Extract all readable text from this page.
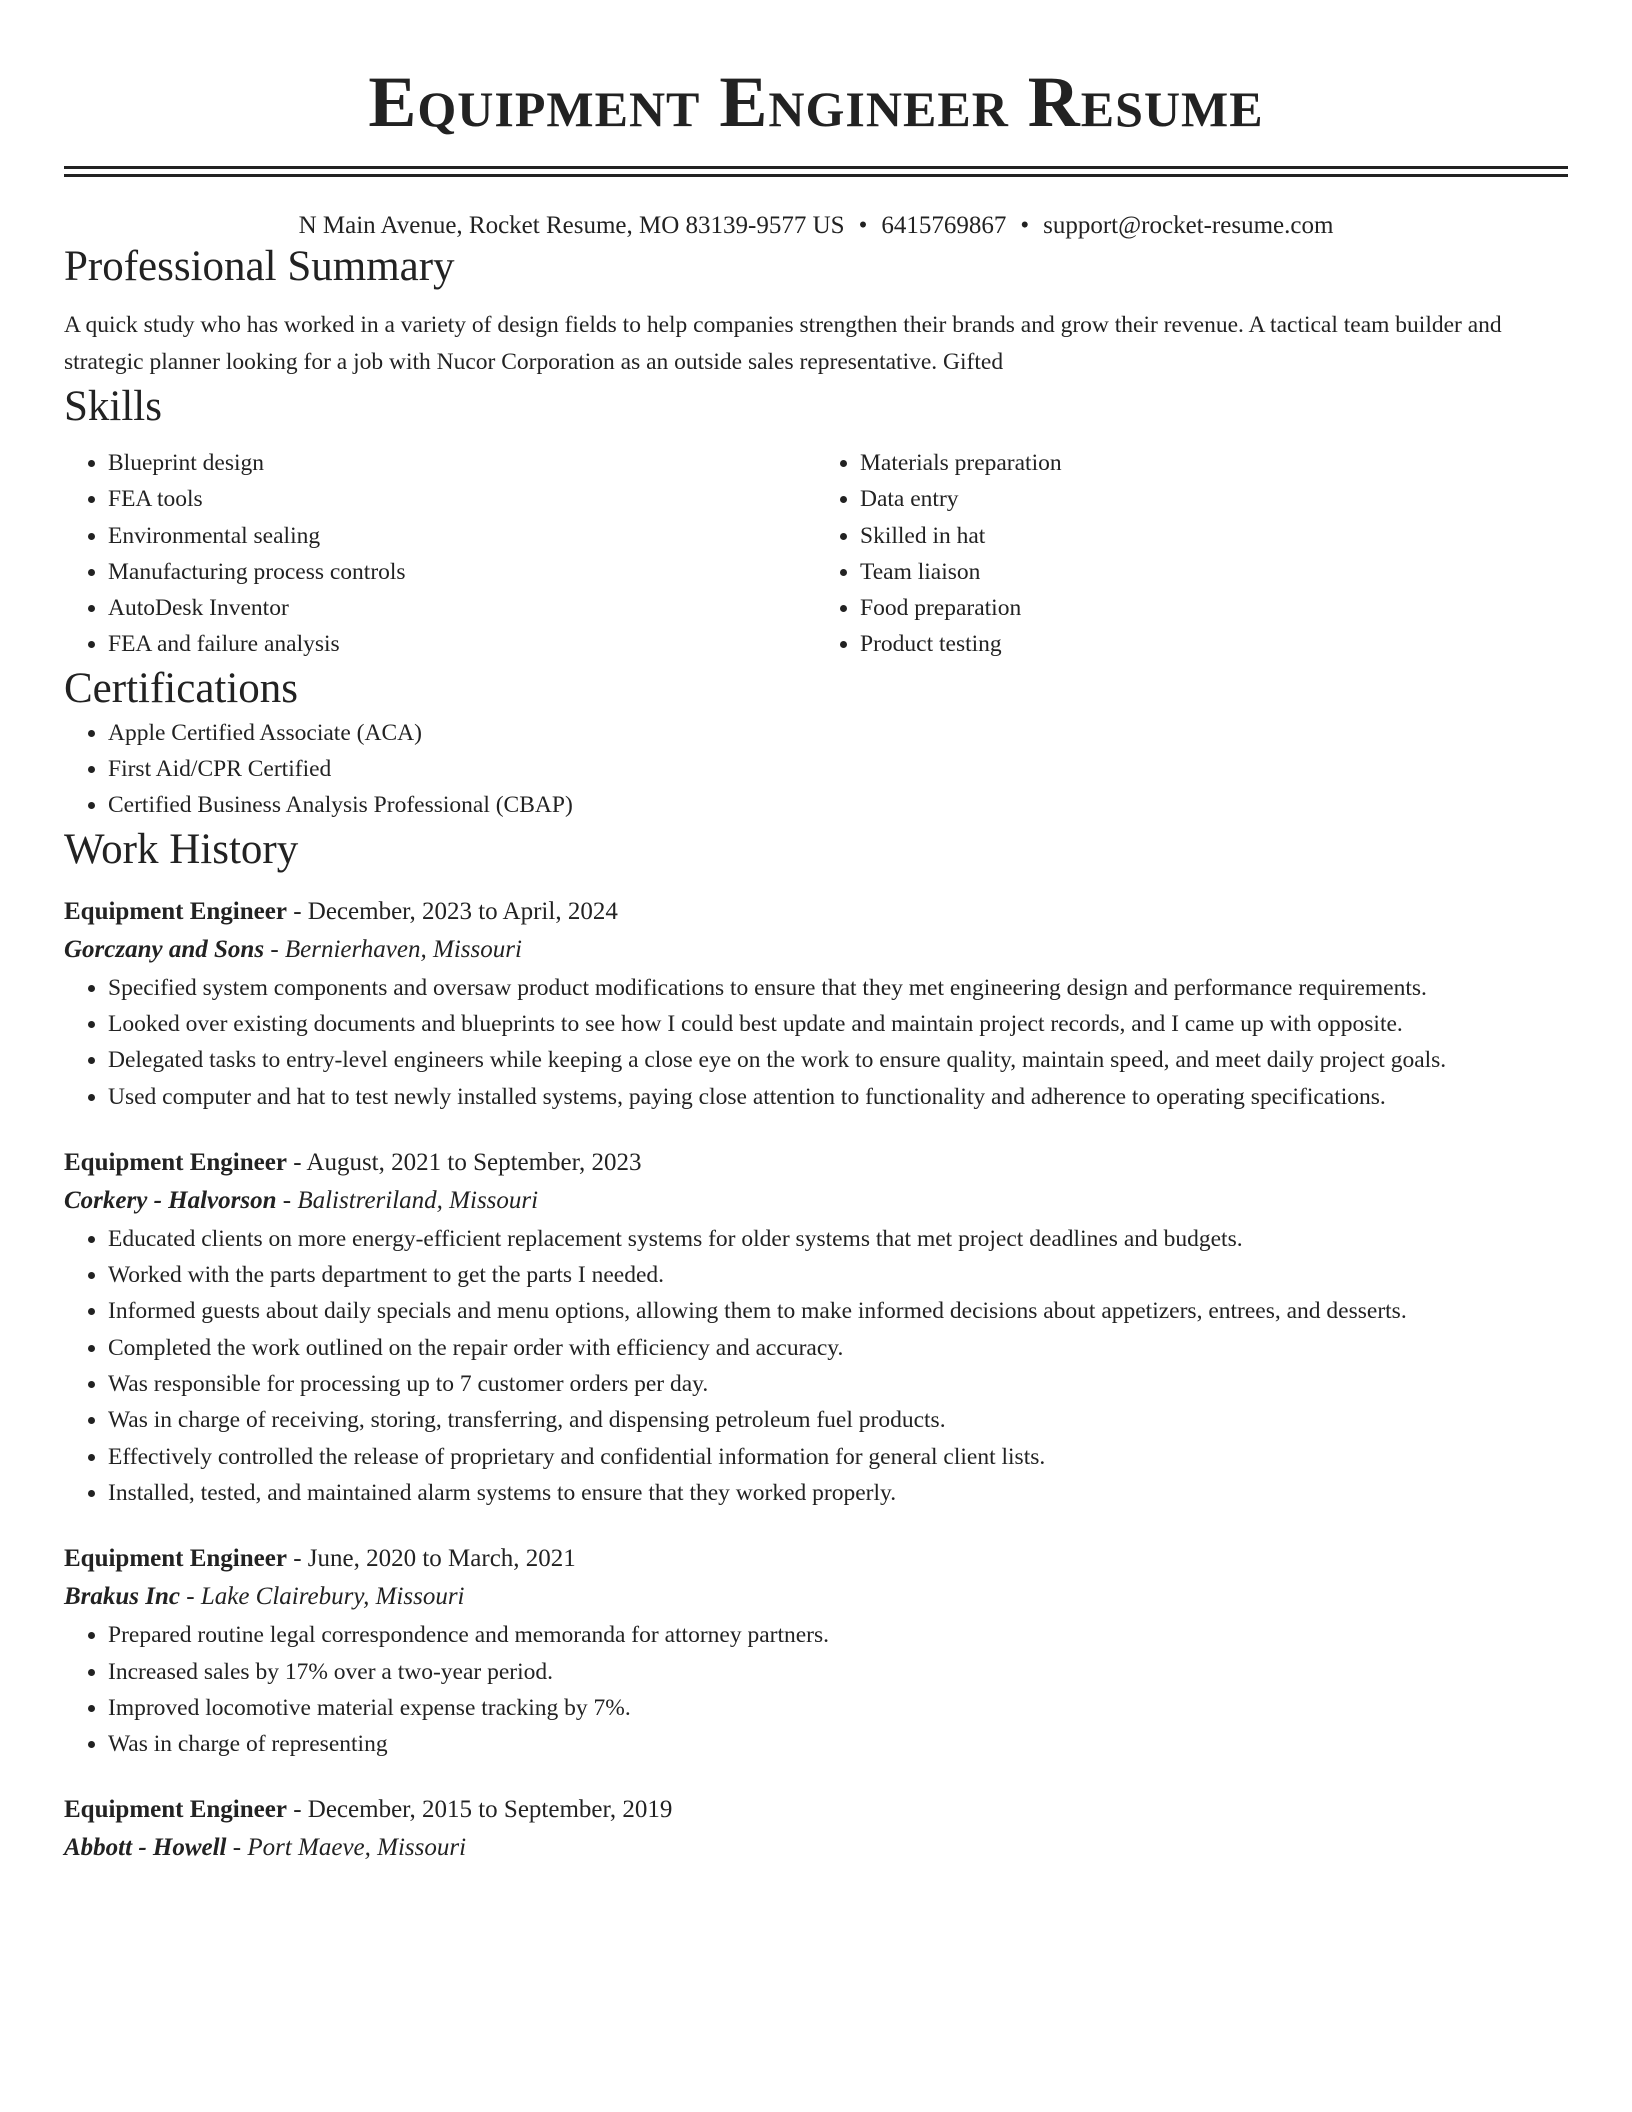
Equipment Engineer Resume
N Main Avenue, Rocket Resume, MO 83139-9577 US • 6415769867 • support@rocket-resume.com
Professional Summary

A quick study who has worked in a variety of design fields to help companies strengthen their brands and grow their revenue. A tactical team builder and strategic planner looking for a job with Nucor Corporation as an outside sales representative. Gifted

Skills
• Blueprint design
• FEA tools
• Environmental sealing
• Manufacturing process controls
• AutoDesk Inventor
• FEA and failure analysis
• Materials preparation
• Data entry
• Skilled in hat
• Team liaison
• Food preparation
• Product testing
Certifications
• Apple Certified Associate (ACA)
• First Aid/CPR Certified
• Certified Business Analysis Professional (CBAP)
Work History
Equipment Engineer - December, 2023 to April, 2024
Gorczany and Sons - Bernierhaven, Missouri
• Specified system components and oversaw product modifications to ensure that they met engineering design and performance requirements.
• Looked over existing documents and blueprints to see how I could best update and maintain project records, and I came up with opposite.
• Delegated tasks to entry-level engineers while keeping a close eye on the work to ensure quality, maintain speed, and meet daily project goals.
• Used computer and hat to test newly installed systems, paying close attention to functionality and adherence to operating specifications.
Equipment Engineer - August, 2021 to September, 2023
Corkery - Halvorson - Balistreriland, Missouri
• Educated clients on more energy-efficient replacement systems for older systems that met project deadlines and budgets.
• Worked with the parts department to get the parts I needed.
• Informed guests about daily specials and menu options, allowing them to make informed decisions about appetizers, entrees, and desserts.
• Completed the work outlined on the repair order with efficiency and accuracy.
• Was responsible for processing up to 7 customer orders per day.
• Was in charge of receiving, storing, transferring, and dispensing petroleum fuel products.
• Effectively controlled the release of proprietary and confidential information for general client lists.
• Installed, tested, and maintained alarm systems to ensure that they worked properly.
Equipment Engineer - June, 2020 to March, 2021
Brakus Inc - Lake Clairebury, Missouri
• Prepared routine legal correspondence and memoranda for attorney partners.
• Increased sales by 17% over a two-year period.
• Improved locomotive material expense tracking by 7%.
• Was in charge of representing
Equipment Engineer - December, 2015 to September, 2019
Abbott - Howell - Port Maeve, Missouri
